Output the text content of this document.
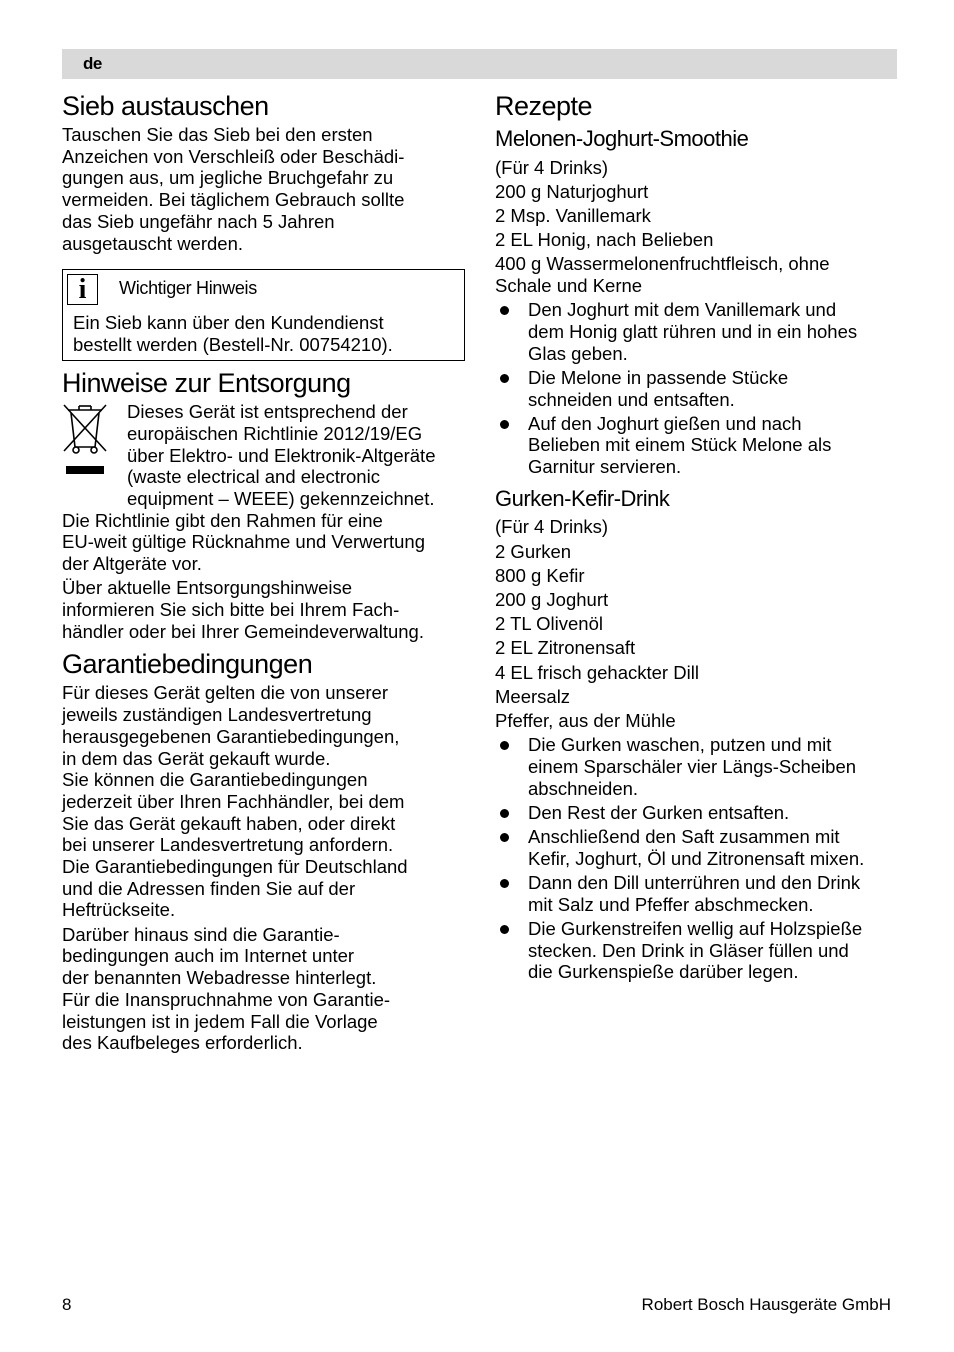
de
Sieb austauschen

Tauschen Sie das Sieb bei den ersten
Anzeichen von Verschleiß oder Beschädi-
gungen aus, um jegliche Bruchgefahr zu
vermeiden. Bei täglichem Gebrauch sollte
das Sieb ungefähr nach 5 Jahren
ausgetauscht werden.

i	Wichtiger Hinweis

Ein Sieb kann über den Kundendienst
bestellt werden (Bestell-Nr. 00754210).

Hinweise zur Entsorgung

Dieses Gerät ist entsprechend der
europäischen Richtlinie 2012/19/EG
über Elektro- und Elektronik-Altgeräte
(waste electrical and electronic
equipment – WEEE) gekennzeichnet.

Die Richtlinie gibt den Rahmen für eine
EU-weit gültige Rücknahme und Verwertung
der Altgeräte vor.

Über aktuelle Entsorgungshinweise
informieren Sie sich bitte bei Ihrem Fach-
händler oder bei Ihrer Gemeindeverwaltung.

Garantiebedingungen

Für dieses Gerät gelten die von unserer
jeweils zuständigen Landesvertretung
herausgegebenen Garantiebedingungen,
in dem das Gerät gekauft wurde.
Sie können die Garantiebedingungen
jederzeit über Ihren Fachhändler, bei dem
Sie das Gerät gekauft haben, oder direkt
bei unserer Landesvertretung anfordern.
Die Garantiebedingungen für Deutschland
und die Adressen finden Sie auf der
Heftrückseite.

Darüber hinaus sind die Garantie-
bedingungen auch im Internet unter
der benannten Webadresse hinterlegt.
Für die Inanspruchnahme von Garantie-
leistungen ist in jedem Fall die Vorlage
des Kaufbeleges erforderlich.

Rezepte
Melonen-Joghurt-Smoothie

(Für 4 Drinks)

200 g Naturjoghurt

2 Msp. Vanillemark

2 EL Honig, nach Belieben

400 g Wassermelonenfruchtfleisch, ohne
Schale und Kerne

Den Joghurt mit dem Vanillemark und
dem Honig glatt rühren und in ein hohes
Glas geben.
Die Melone in passende Stücke
schneiden und entsaften.
Auf den Joghurt gießen und nach
Belieben mit einem Stück Melone als
Garnitur servieren.
Gurken-Kefir-Drink

(Für 4 Drinks)

2 Gurken

800 g Kefir

200 g Joghurt

2 TL Olivenöl

2 EL Zitronensaft

4 EL frisch gehackter Dill

Meersalz

Pfeffer, aus der Mühle

Die Gurken waschen, putzen und mit
einem Sparschäler vier Längs-Scheiben
abschneiden.
Den Rest der Gurken entsaften.
Anschließend den Saft zusammen mit
Kefir, Joghurt, Öl und Zitronensaft mixen.
Dann den Dill unterrühren und den Drink
mit Salz und Pfeffer abschmecken.
Die Gurkenstreifen wellig auf Holzspieße
stecken. Den Drink in Gläser füllen und
die Gurkenspieße darüber legen.
8	Robert Bosch Hausgeräte GmbH
